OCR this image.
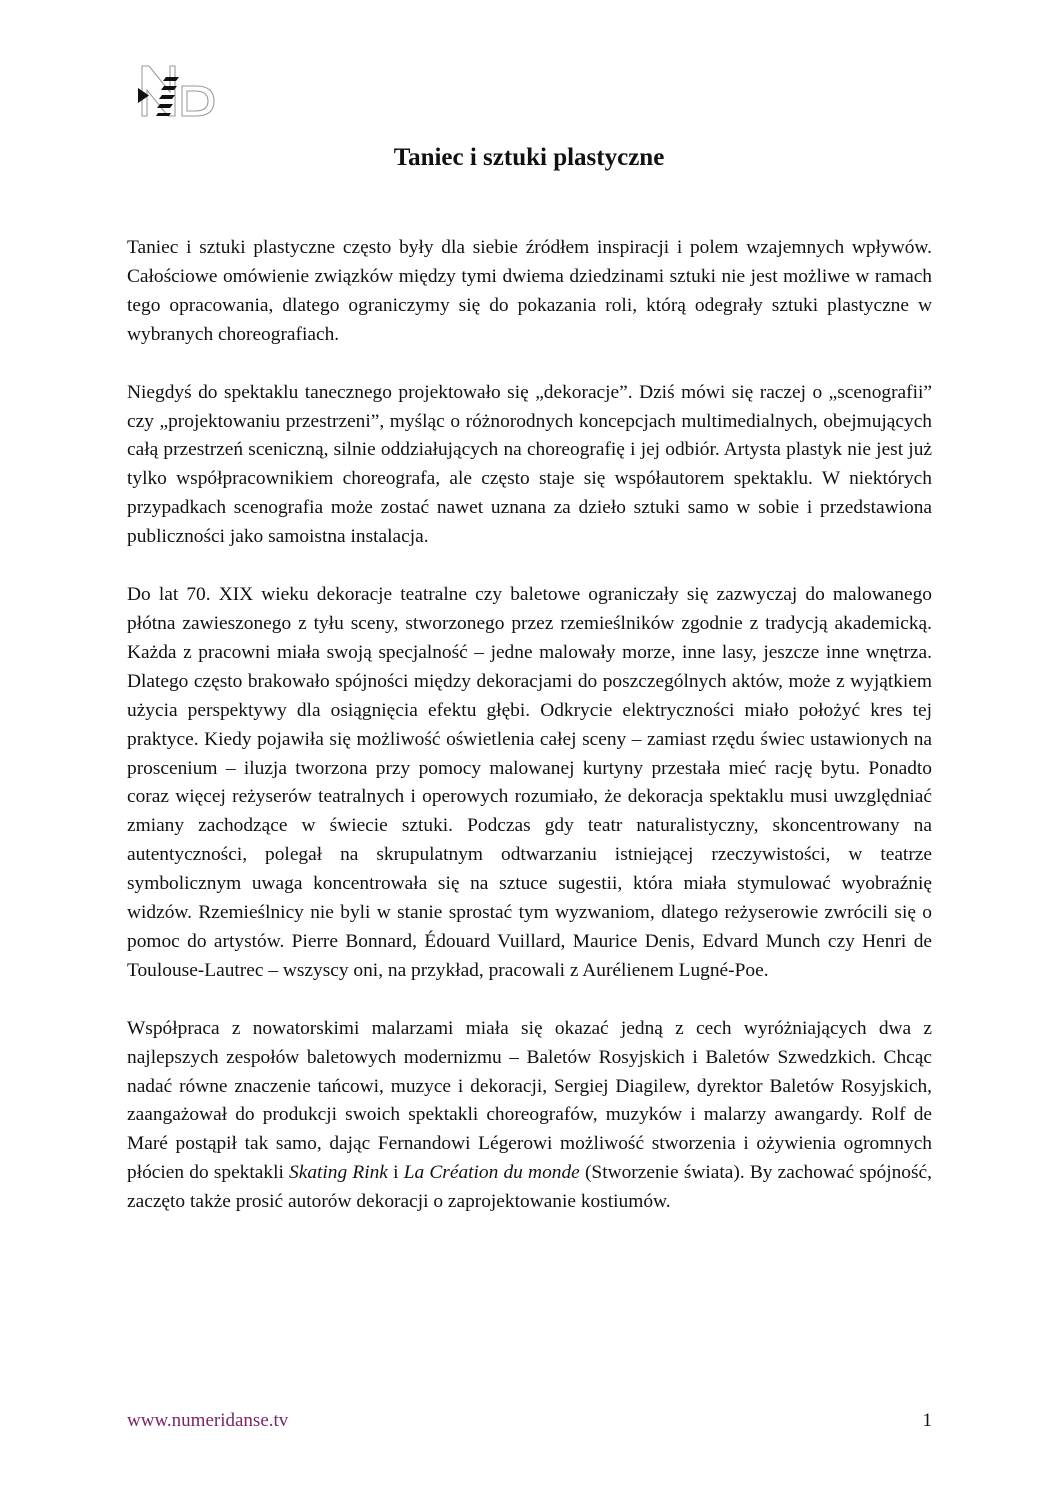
Taniec i sztuki plastyczne

Taniec i sztuki plastyczne często były dla siebie źródłem inspiracji i polem wzajemnych wpływów. Całościowe omówienie związków między tymi dwiema dziedzinami sztuki nie jest możliwe w ramach tego opracowania, dlatego ograniczymy się do pokazania roli, którą odegrały sztuki plastyczne w wybranych choreografiach.

Niegdyś do spektaklu tanecznego projektowało się „dekoracje”. Dziś mówi się raczej o „scenografii” czy „projektowaniu przestrzeni”, myśląc o różnorodnych koncepcjach multimedialnych, obejmujących całą przestrzeń sceniczną, silnie oddziałujących na choreografię i jej odbiór. Artysta plastyk nie jest już tylko współpracownikiem choreografa, ale często staje się współautorem spektaklu. W niektórych przypadkach scenografia może zostać nawet uznana za dzieło sztuki samo w sobie i przedstawiona publiczności jako samoistna instalacja.

Do lat 70. XIX wieku dekoracje teatralne czy baletowe ograniczały się zazwyczaj do malowanego płótna zawieszonego z tyłu sceny, stworzonego przez rzemieślników zgodnie z tradycją akademicką. Każda z pracowni miała swoją specjalność – jedne malowały morze, inne lasy, jeszcze inne wnętrza. Dlatego często brakowało spójności między dekoracjami do poszczególnych aktów, może z wyjątkiem użycia perspektywy dla osiągnięcia efektu głębi. Odkrycie elektryczności miało położyć kres tej praktyce. Kiedy pojawiła się możliwość oświetlenia całej sceny – zamiast rzędu świec ustawionych na proscenium – iluzja tworzona przy pomocy malowanej kurtyny przestała mieć rację bytu. Ponadto coraz więcej reżyserów teatralnych i operowych rozumiało, że dekoracja spektaklu musi uwzględniać zmiany zachodzące w świecie sztuki. Podczas gdy teatr naturalistyczny, skoncentrowany na autentyczności, polegał na skrupulatnym odtwarzaniu istniejącej rzeczywistości, w teatrze symbolicznym uwaga koncentrowała się na sztuce sugestii, która miała stymulować wyobraźnię widzów. Rzemieślnicy nie byli w stanie sprostać tym wyzwaniom, dlatego reżyserowie zwrócili się o pomoc do artystów. Pierre Bonnard, Édouard Vuillard, Maurice Denis, Edvard Munch czy Henri de Toulouse-Lautrec – wszyscy oni, na przykład, pracowali z Aurélienem Lugné-Poe.

Współpraca z nowatorskimi malarzami miała się okazać jedną z cech wyróżniających dwa z najlepszych zespołów baletowych modernizmu – Baletów Rosyjskich i Baletów Szwedzkich. Chcąc nadać równe znaczenie tańcowi, muzyce i dekoracji, Sergiej Diagilew, dyrektor Baletów Rosyjskich, zaangażował do produkcji swoich spektakli choreografów, muzyków i malarzy awangardy. Rolf de Maré postąpił tak samo, dając Fernandowi Légerowi możliwość stworzenia i ożywienia ogromnych płócien do spektakli Skating Rink i La Création du monde (Stworzenie świata). By zachować spójność, zaczęto także prosić autorów dekoracji o zaprojektowanie kostiumów.

www.numeridanse.tv	1
